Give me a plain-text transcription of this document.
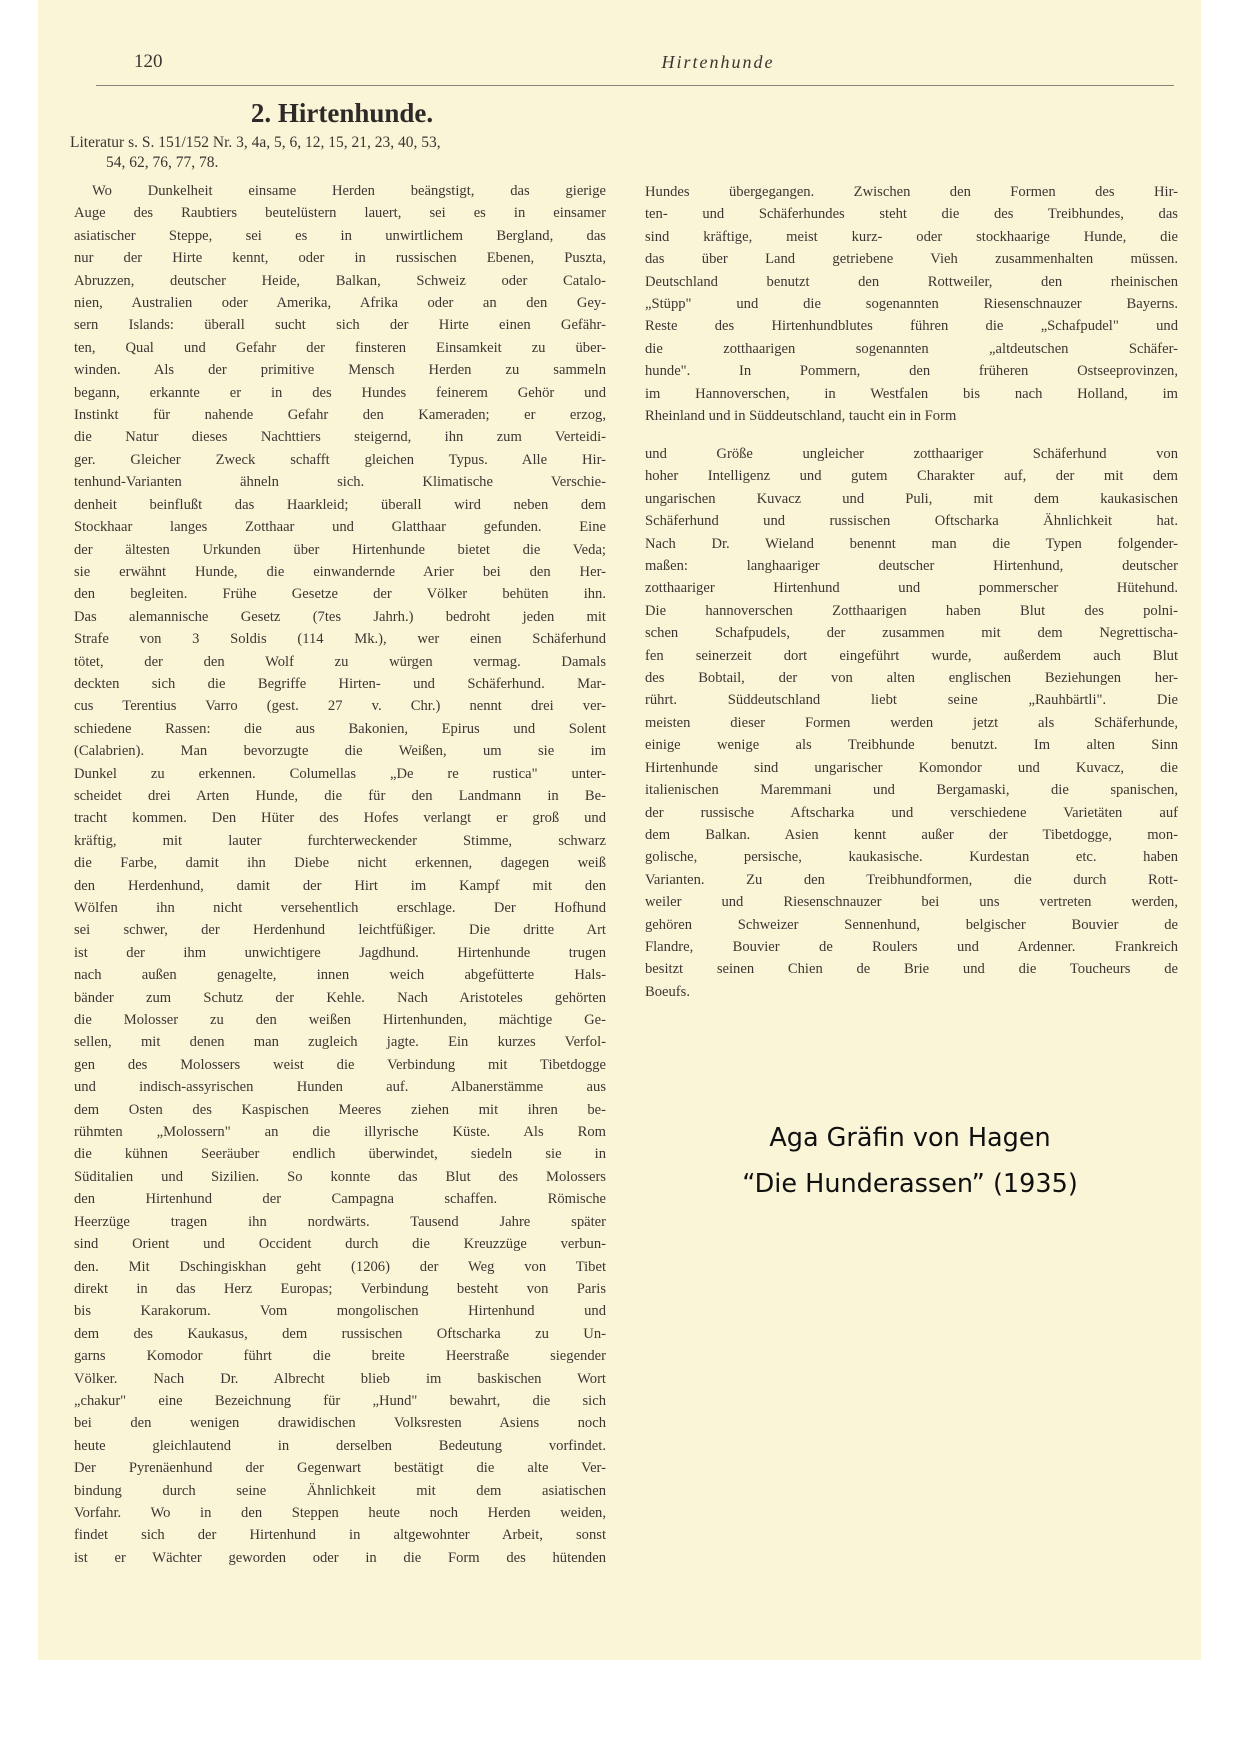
120	Hirtenhunde
2. Hirtenhunde.
Literatur s. S. 151/152 Nr. 3, 4a, 5, 6, 12, 15, 21, 23, 40, 53,
54, 62, 76, 77, 78.

Wo Dunkelheit einsame Herden beängstigt, das gierige

Auge des Raubtiers beutelüstern lauert, sei es in einsamer

asiatischer Steppe, sei es in unwirtlichem Bergland, das

nur der Hirte kennt, oder in russischen Ebenen, Puszta,

Abruzzen, deutscher Heide, Balkan, Schweiz oder Catalo-

nien, Australien oder Amerika, Afrika oder an den Gey-

sern Islands: überall sucht sich der Hirte einen Gefähr-

ten, Qual und Gefahr der finsteren Einsamkeit zu über-

winden. Als der primitive Mensch Herden zu sammeln

begann, erkannte er in des Hundes feinerem Gehör und

Instinkt für nahende Gefahr den Kameraden; er erzog,

die Natur dieses Nachttiers steigernd, ihn zum Verteidi-

ger. Gleicher Zweck schafft gleichen Typus. Alle Hir-

tenhund-Varianten ähneln sich. Klimatische Verschie-

denheit beinflußt das Haarkleid; überall wird neben dem

Stockhaar langes Zotthaar und Glatthaar gefunden. Eine

der ältesten Urkunden über Hirtenhunde bietet die Veda;

sie erwähnt Hunde, die einwandernde Arier bei den Her-

den begleiten. Frühe Gesetze der Völker behüten ihn.

Das alemannische Gesetz (7tes Jahrh.) bedroht jeden mit

Strafe von 3 Soldis (114 Mk.), wer einen Schäferhund

tötet, der den Wolf zu würgen vermag. Damals

deckten sich die Begriffe Hirten- und Schäferhund. Mar-

cus Terentius Varro (gest. 27 v. Chr.) nennt drei ver-

schiedene Rassen: die aus Bakonien, Epirus und Solent

(Calabrien). Man bevorzugte die Weißen, um sie im

Dunkel zu erkennen. Columellas „De re rustica" unter-

scheidet drei Arten Hunde, die für den Landmann in Be-

tracht kommen. Den Hüter des Hofes verlangt er groß und

kräftig, mit lauter furchterweckender Stimme, schwarz

die Farbe, damit ihn Diebe nicht erkennen, dagegen weiß

den Herdenhund, damit der Hirt im Kampf mit den

Wölfen ihn nicht versehentlich erschlage. Der Hofhund

sei schwer, der Herdenhund leichtfüßiger. Die dritte Art

ist der ihm unwichtigere Jagdhund. Hirtenhunde trugen

nach außen genagelte, innen weich abgefütterte Hals-

bänder zum Schutz der Kehle. Nach Aristoteles gehörten

die Molosser zu den weißen Hirtenhunden, mächtige Ge-

sellen, mit denen man zugleich jagte. Ein kurzes Verfol-

gen des Molossers weist die Verbindung mit Tibetdogge

und indisch-assyrischen Hunden auf. Albanerstämme aus

dem Osten des Kaspischen Meeres ziehen mit ihren be-

rühmten „Molossern" an die illyrische Küste. Als Rom

die kühnen Seeräuber endlich überwindet, siedeln sie in

Süditalien und Sizilien. So konnte das Blut des Molossers

den Hirtenhund der Campagna schaffen. Römische

Heerzüge tragen ihn nordwärts. Tausend Jahre später

sind Orient und Occident durch die Kreuzzüge verbun-

den. Mit Dschingiskhan geht (1206) der Weg von Tibet

direkt in das Herz Europas; Verbindung besteht von Paris

bis Karakorum. Vom mongolischen Hirtenhund und

dem des Kaukasus, dem russischen Oftscharka zu Un-

garns Komodor führt die breite Heerstraße siegender

Völker. Nach Dr. Albrecht blieb im baskischen Wort

„chakur" eine Bezeichnung für „Hund" bewahrt, die sich

bei den wenigen drawidischen Volksresten Asiens noch

heute gleichlautend in derselben Bedeutung vorfindet.

Der Pyrenäenhund der Gegenwart bestätigt die alte Ver-

bindung durch seine Ähnlichkeit mit dem asiatischen

Vorfahr. Wo in den Steppen heute noch Herden weiden,

findet sich der Hirtenhund in altgewohnter Arbeit, sonst

ist er Wächter geworden oder in die Form des hütenden

Hundes übergegangen. Zwischen den Formen des Hir-

ten- und Schäferhundes steht die des Treibhundes, das

sind kräftige, meist kurz- oder stockhaarige Hunde, die

das über Land getriebene Vieh zusammenhalten müssen.

Deutschland benutzt den Rottweiler, den rheinischen

„Stüpp" und die sogenannten Riesenschnauzer Bayerns.

Reste des Hirtenhundblutes führen die „Schafpudel" und

die zotthaarigen sogenannten „altdeutschen Schäfer-

hunde". In Pommern, den früheren Ostseeprovinzen,

im Hannoverschen, in Westfalen bis nach Holland, im

Rheinland und in Süddeutschland, taucht ein in Form

und Größe ungleicher zotthaariger Schäferhund von

hoher Intelligenz und gutem Charakter auf, der mit dem

ungarischen Kuvacz und Puli, mit dem kaukasischen

Schäferhund und russischen Oftscharka Ähnlichkeit hat.

Nach Dr. Wieland benennt man die Typen folgender-

maßen: langhaariger deutscher Hirtenhund, deutscher

zotthaariger Hirtenhund und pommerscher Hütehund.

Die hannoverschen Zotthaarigen haben Blut des polni-

schen Schafpudels, der zusammen mit dem Negrettischa-

fen seinerzeit dort eingeführt wurde, außerdem auch Blut

des Bobtail, der von alten englischen Beziehungen her-

rührt. Süddeutschland liebt seine „Rauhbärtli". Die

meisten dieser Formen werden jetzt als Schäferhunde,

einige wenige als Treibhunde benutzt. Im alten Sinn

Hirtenhunde sind ungarischer Komondor und Kuvacz, die

italienischen Maremmani und Bergamaski, die spanischen,

der russische Aftscharka und verschiedene Varietäten auf

dem Balkan. Asien kennt außer der Tibetdogge, mon-

golische, persische, kaukasische. Kurdestan etc. haben

Varianten. Zu den Treibhundformen, die durch Rott-

weiler und Riesenschnauzer bei uns vertreten werden,

gehören Schweizer Sennenhund, belgischer Bouvier de

Flandre, Bouvier de Roulers und Ardenner. Frankreich

besitzt seinen Chien de Brie und die Toucheurs de

Boeufs.

Aga Gräfin von Hagen
“Die Hunderassen” (1935)
